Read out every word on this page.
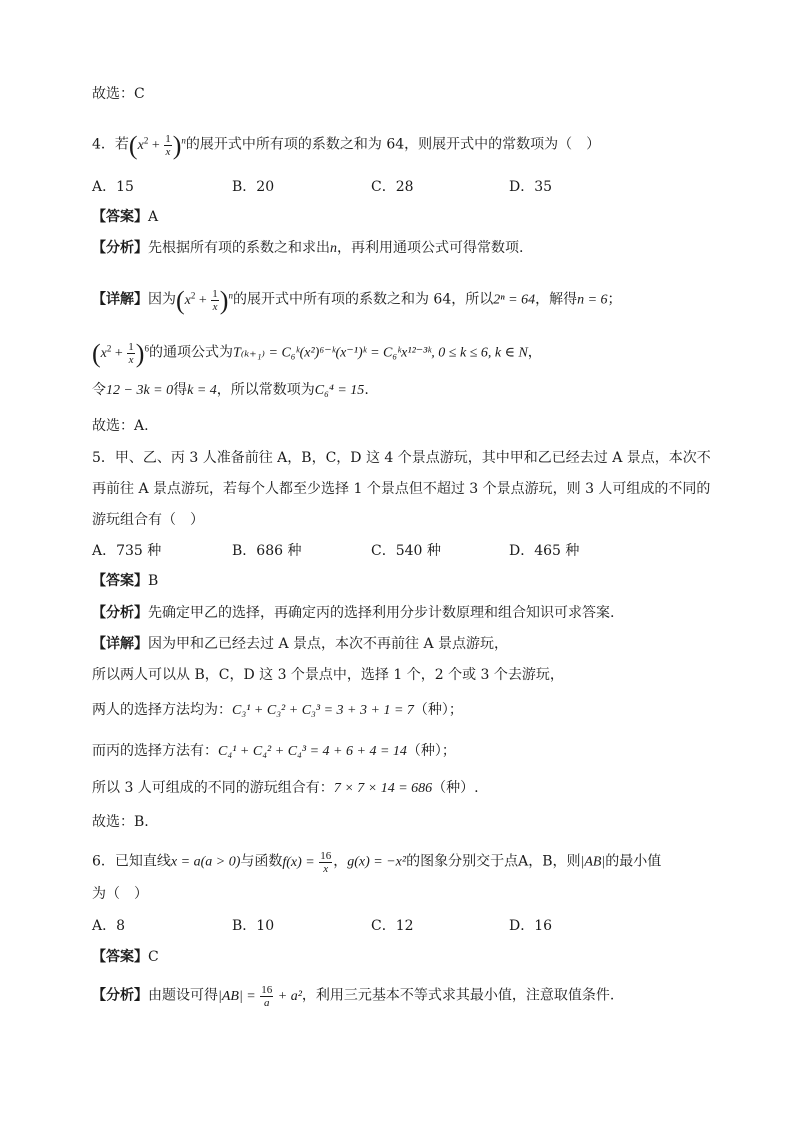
故选：C
4．若$(x^2 + \frac{1}{x} )^n$的展开式中所有项的系数之和为 64，则展开式中的常数项为（　）
A．15	B．20	C．28	D．35
【答案】A
【分析】先根据所有项的系数之和求出n，再利用通项公式可得常数项.
【详解】因为$(x^2 + \frac{1}{x} )^n$的展开式中所有项的系数之和为 64，所以2ⁿ = 64，解得n = 6；
$(x^2 + \frac{1}{x} )^6$的通项公式为T₍ₖ₊₁₎ = C₆ᵏ(x²)⁶⁻ᵏ(x⁻¹)ᵏ = C₆ᵏx¹²⁻³ᵏ, 0 ≤ k ≤ 6, k ∈ N，
令12 − 3k = 0得k = 4，所以常数项为C₆⁴ = 15.
故选：A.
5．甲、乙、丙 3 人准备前往 A，B，C，D 这 4 个景点游玩，其中甲和乙已经去过 A 景点，本次不
再前往 A 景点游玩，若每个人都至少选择 1 个景点但不超过 3 个景点游玩，则 3 人可组成的不同的
游玩组合有（　）
A．735 种	B．686 种	C．540 种	D．465 种
【答案】B
【分析】先确定甲乙的选择，再确定丙的选择利用分步计数原理和组合知识可求答案.
【详解】因为甲和乙已经去过 A 景点，本次不再前往 A 景点游玩，
所以两人可以从 B，C，D 这 3 个景点中，选择 1 个，2 个或 3 个去游玩，
两人的选择方法均为：C₃¹ + C₃² + C₃³ = 3 + 3 + 1 = 7（种）；
而丙的选择方法有：C₄¹ + C₄² + C₄³ = 4 + 6 + 4 = 14（种）；
所以 3 人可组成的不同的游玩组合有：7 × 7 × 14 = 686（种）.
故选：B.
6．已知直线x = a(a > 0)与函数$f(x) = \frac{16}{x}$ ，g(x) = −x²的图象分别交于点A，B，则|AB|的最小值
为（　）
A．8	B．10	C．12	D．16
【答案】C
【分析】由题设可得$|AB| = \frac{16}{a} + a^2$，利用三元基本不等式求其最小值，注意取值条件.
